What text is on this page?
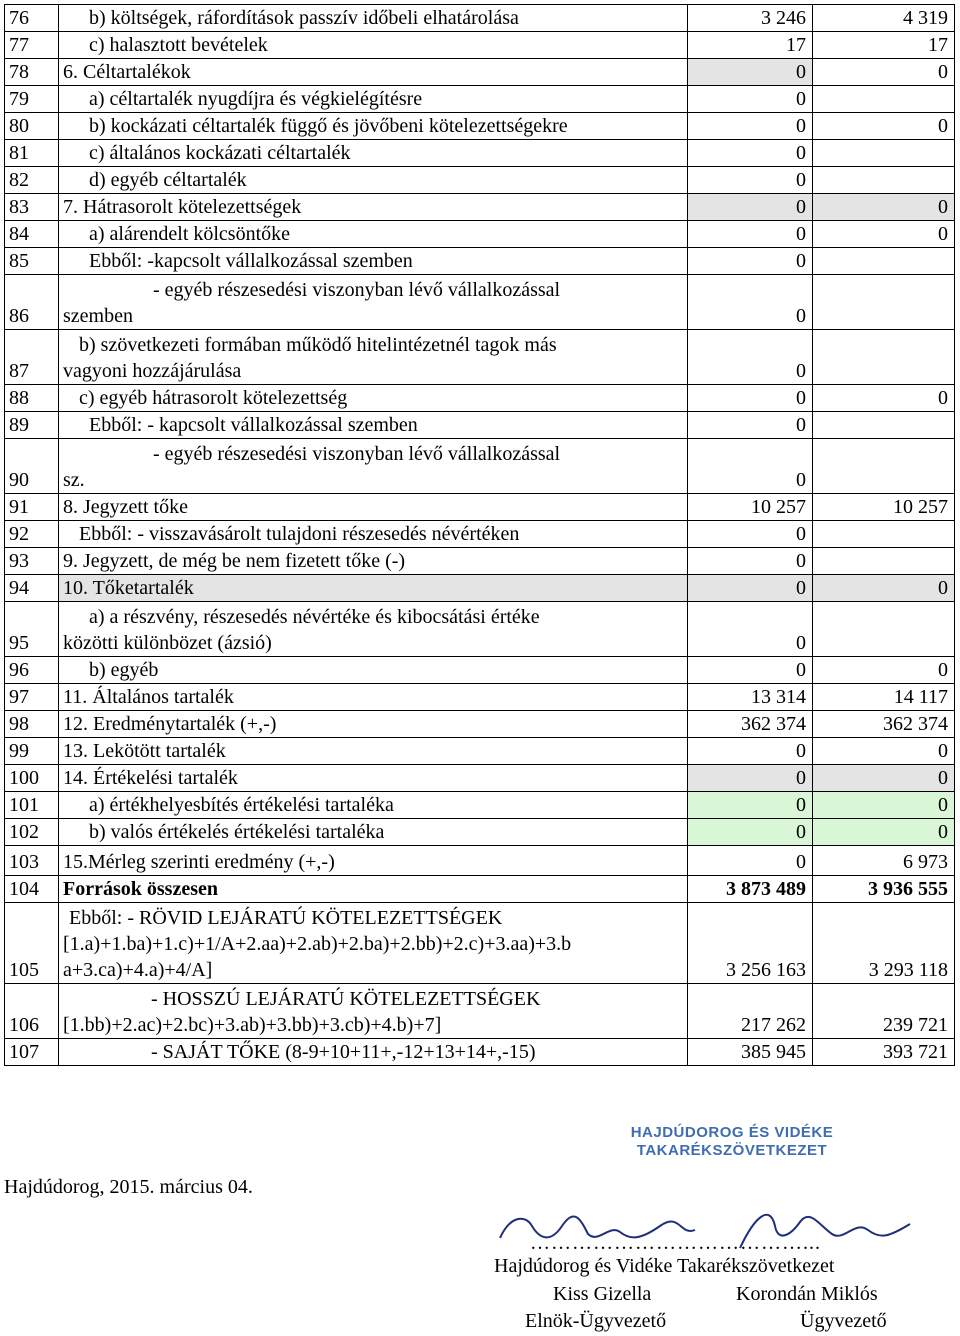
76	b) költségek, ráfordítások passzív időbeli elhatárolása	3 246	4 319
77	c) halasztott bevételek	17	17
78	6. Céltartalékok	0	0
79	a) céltartalék nyugdíjra és végkielégítésre	0	
80	b) kockázati céltartalék függő és jövőbeni kötelezettségekre	0	0
81	c) általános kockázati céltartalék	0	
82	d) egyéb céltartalék	0	
83	7. Hátrasorolt kötelezettségek	0	0
84	a) alárendelt kölcsöntőke	0	0
85	Ebből: -kapcsolt vállalkozással szemben	0	
86	- egyéb részesedési viszonyban lévő vállalkozással
szemben	0	
87	b) szövetkezeti formában működő hitelintézetnél tagok más
vagyoni hozzájárulása	0	
88	c) egyéb hátrasorolt kötelezettség	0	0
89	Ebből: - kapcsolt vállalkozással szemben	0	
90	- egyéb részesedési viszonyban lévő vállalkozással
sz.	0	
91	8. Jegyzett tőke	10 257	10 257
92	Ebből: - visszavásárolt tulajdoni részesedés névértéken	0	
93	9. Jegyzett, de még be nem fizetett tőke (-)	0	
94	10. Tőketartalék	0	0
95	a) a részvény, részesedés névértéke és kibocsátási értéke
közötti különbözet (ázsió)	0	
96	b) egyéb	0	0
97	11. Általános tartalék	13 314	14 117
98	12. Eredménytartalék (+,-)	362 374	362 374
99	13. Lekötött tartalék	0	0
100	14. Értékelési tartalék	0	0
101	a) értékhelyesbítés értékelési tartaléka	0	0
102	b) valós értékelés értékelési tartaléka	0	0
103	15.Mérleg szerinti eredmény (+,-)	0	6 973
104	Források összesen	3 873 489	3 936 555
105	Ebből: - RÖVID LEJÁRATÚ KÖTELEZETTSÉGEK
[1.a)+1.ba)+1.c)+1/A+2.aa)+2.ab)+2.ba)+2.bb)+2.c)+3.aa)+3.b
a+3.ca)+4.a)+4/A]	3 256 163	3 293 118
106	- HOSSZÚ LEJÁRATÚ KÖTELEZETTSÉGEK
[1.bb)+2.ac)+2.bc)+3.ab)+3.bb)+3.cb)+4.b)+7]	217 262	239 721
107	- SAJÁT TŐKE (8-9+10+11+,-12+13+14+,-15)	385 945	393 721
HAJDÚDOROG ÉS VIDÉKE
TAKARÉKSZÖVETKEZET
Hajdúdorog, 2015. március 04.
…………………………………...
Hajdúdorog és Vidéke Takarékszövetkezet
Kiss Gizella	Korondán Miklós
Elnök-Ügyvezető	Ügyvezető
